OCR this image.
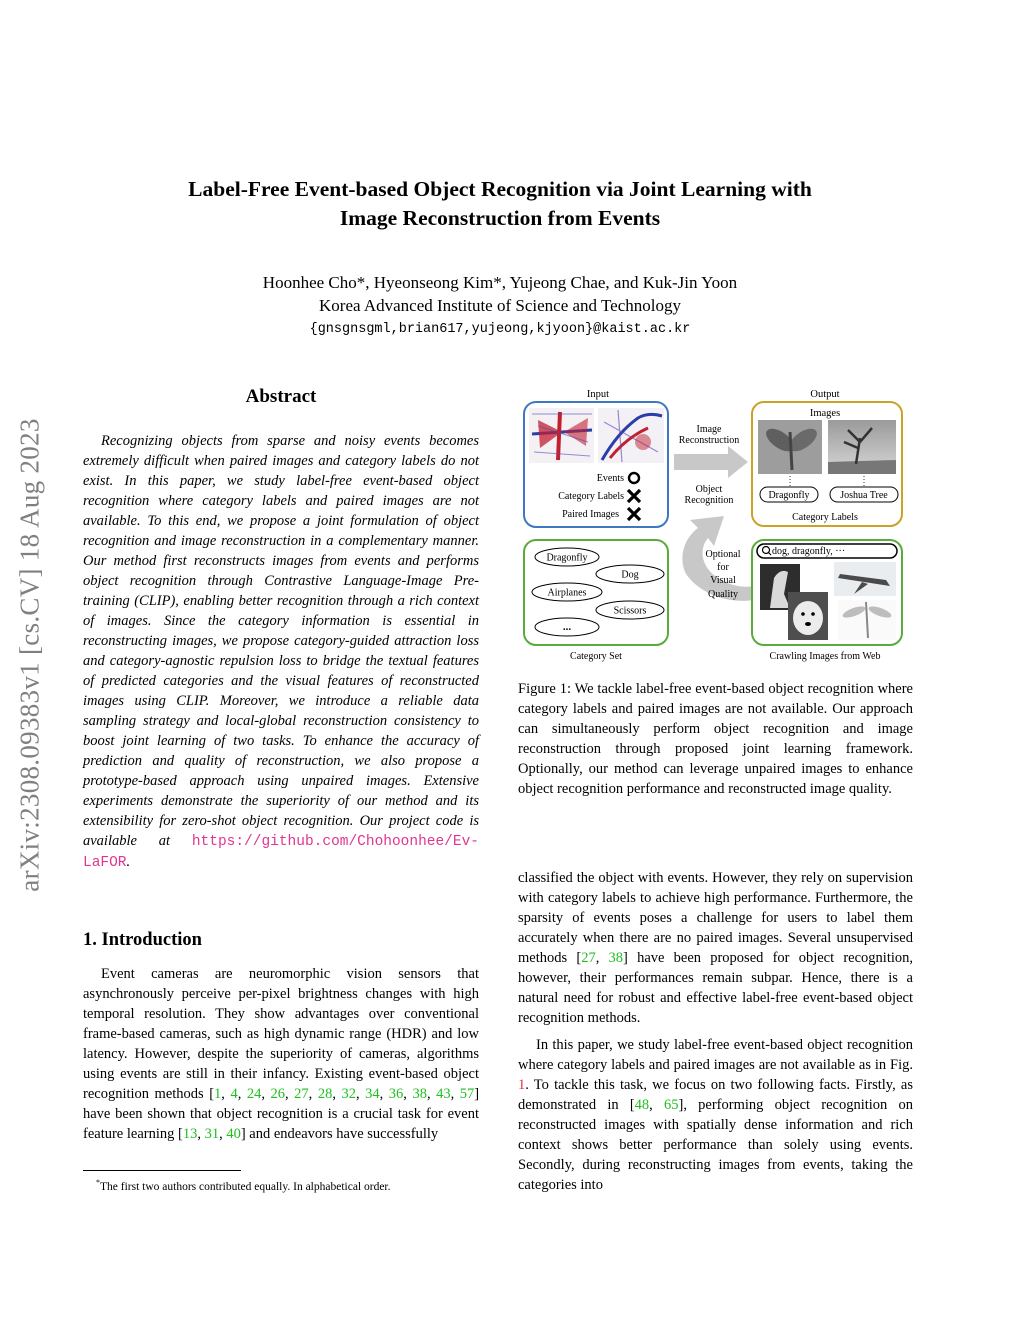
arXiv:2308.09383v1 [cs.CV] 18 Aug 2023
Label-Free Event-based Object Recognition via Joint Learning with
Image Reconstruction from Events
Hoonhee Cho*, Hyeonseong Kim*, Yujeong Chae, and Kuk-Jin Yoon
Korea Advanced Institute of Science and Technology
{gnsgnsgml,brian617,yujeong,kjyoon}@kaist.ac.kr
Abstract

Recognizing objects from sparse and noisy events becomes extremely difficult when paired images and category labels do not exist. In this paper, we study label-free event-based object recognition where category labels and paired images are not available. To this end, we propose a joint formulation of object recognition and image reconstruction in a complementary manner. Our method first reconstructs images from events and performs object recognition through Contrastive Language-Image Pre-training (CLIP), enabling better recognition through a rich context of images. Since the category information is essential in reconstructing images, we propose category-guided attraction loss and category-agnostic repulsion loss to bridge the textual features of predicted categories and the visual features of reconstructed images using CLIP. Moreover, we introduce a reliable data sampling strategy and local-global reconstruction consistency to boost joint learning of two tasks. To enhance the accuracy of prediction and quality of reconstruction, we also propose a prototype-based approach using unpaired images. Extensive experiments demonstrate the superiority of our method and its extensibility for zero-shot object recognition. Our project code is available at https://github.com/Chohoonhee/Ev-LaFOR.

1. Introduction

Event cameras are neuromorphic vision sensors that asynchronously perceive per-pixel brightness changes with high temporal resolution. They show advantages over conventional frame-based cameras, such as high dynamic range (HDR) and low latency. However, despite the superiority of cameras, algorithms using events are still in their infancy. Existing event-based object recognition methods [1, 4, 24, 26, 27, 28, 32, 34, 36, 38, 43, 57] have been shown that object recognition is a crucial task for event feature learning [13, 31, 40] and endeavors have successfully

*The first two authors contributed equally. In alphabetical order.
Input	Output
Events
Category Labels
Paired Images
Image
Reconstruction
Object
Recognition
Images
Dragonfly	Joshua Tree
Category Labels
Optional
for
Visual
Quality
Dragonfly
Dog
Airplanes
Scissors
...
Category Set
dog, dragonfly, ···
Crawling Images from Web

Figure 1: We tackle label-free event-based object recognition where category labels and paired images are not available. Our approach can simultaneously perform object recognition and image reconstruction through proposed joint learning framework. Optionally, our method can leverage unpaired images to enhance object recognition performance and reconstructed image quality.

classified the object with events. However, they rely on supervision with category labels to achieve high performance. Furthermore, the sparsity of events poses a challenge for users to label them accurately when there are no paired images. Several unsupervised methods [27, 38] have been proposed for object recognition, however, their performances remain subpar. Hence, there is a natural need for robust and effective label-free event-based object recognition methods.

In this paper, we study label-free event-based object recognition where category labels and paired images are not available as in Fig. 1. To tackle this task, we focus on two following facts. Firstly, as demonstrated in [48, 65], performing object recognition on reconstructed images with spatially dense information and rich context shows better performance than solely using events. Secondly, during reconstructing images from events, taking the categories into
